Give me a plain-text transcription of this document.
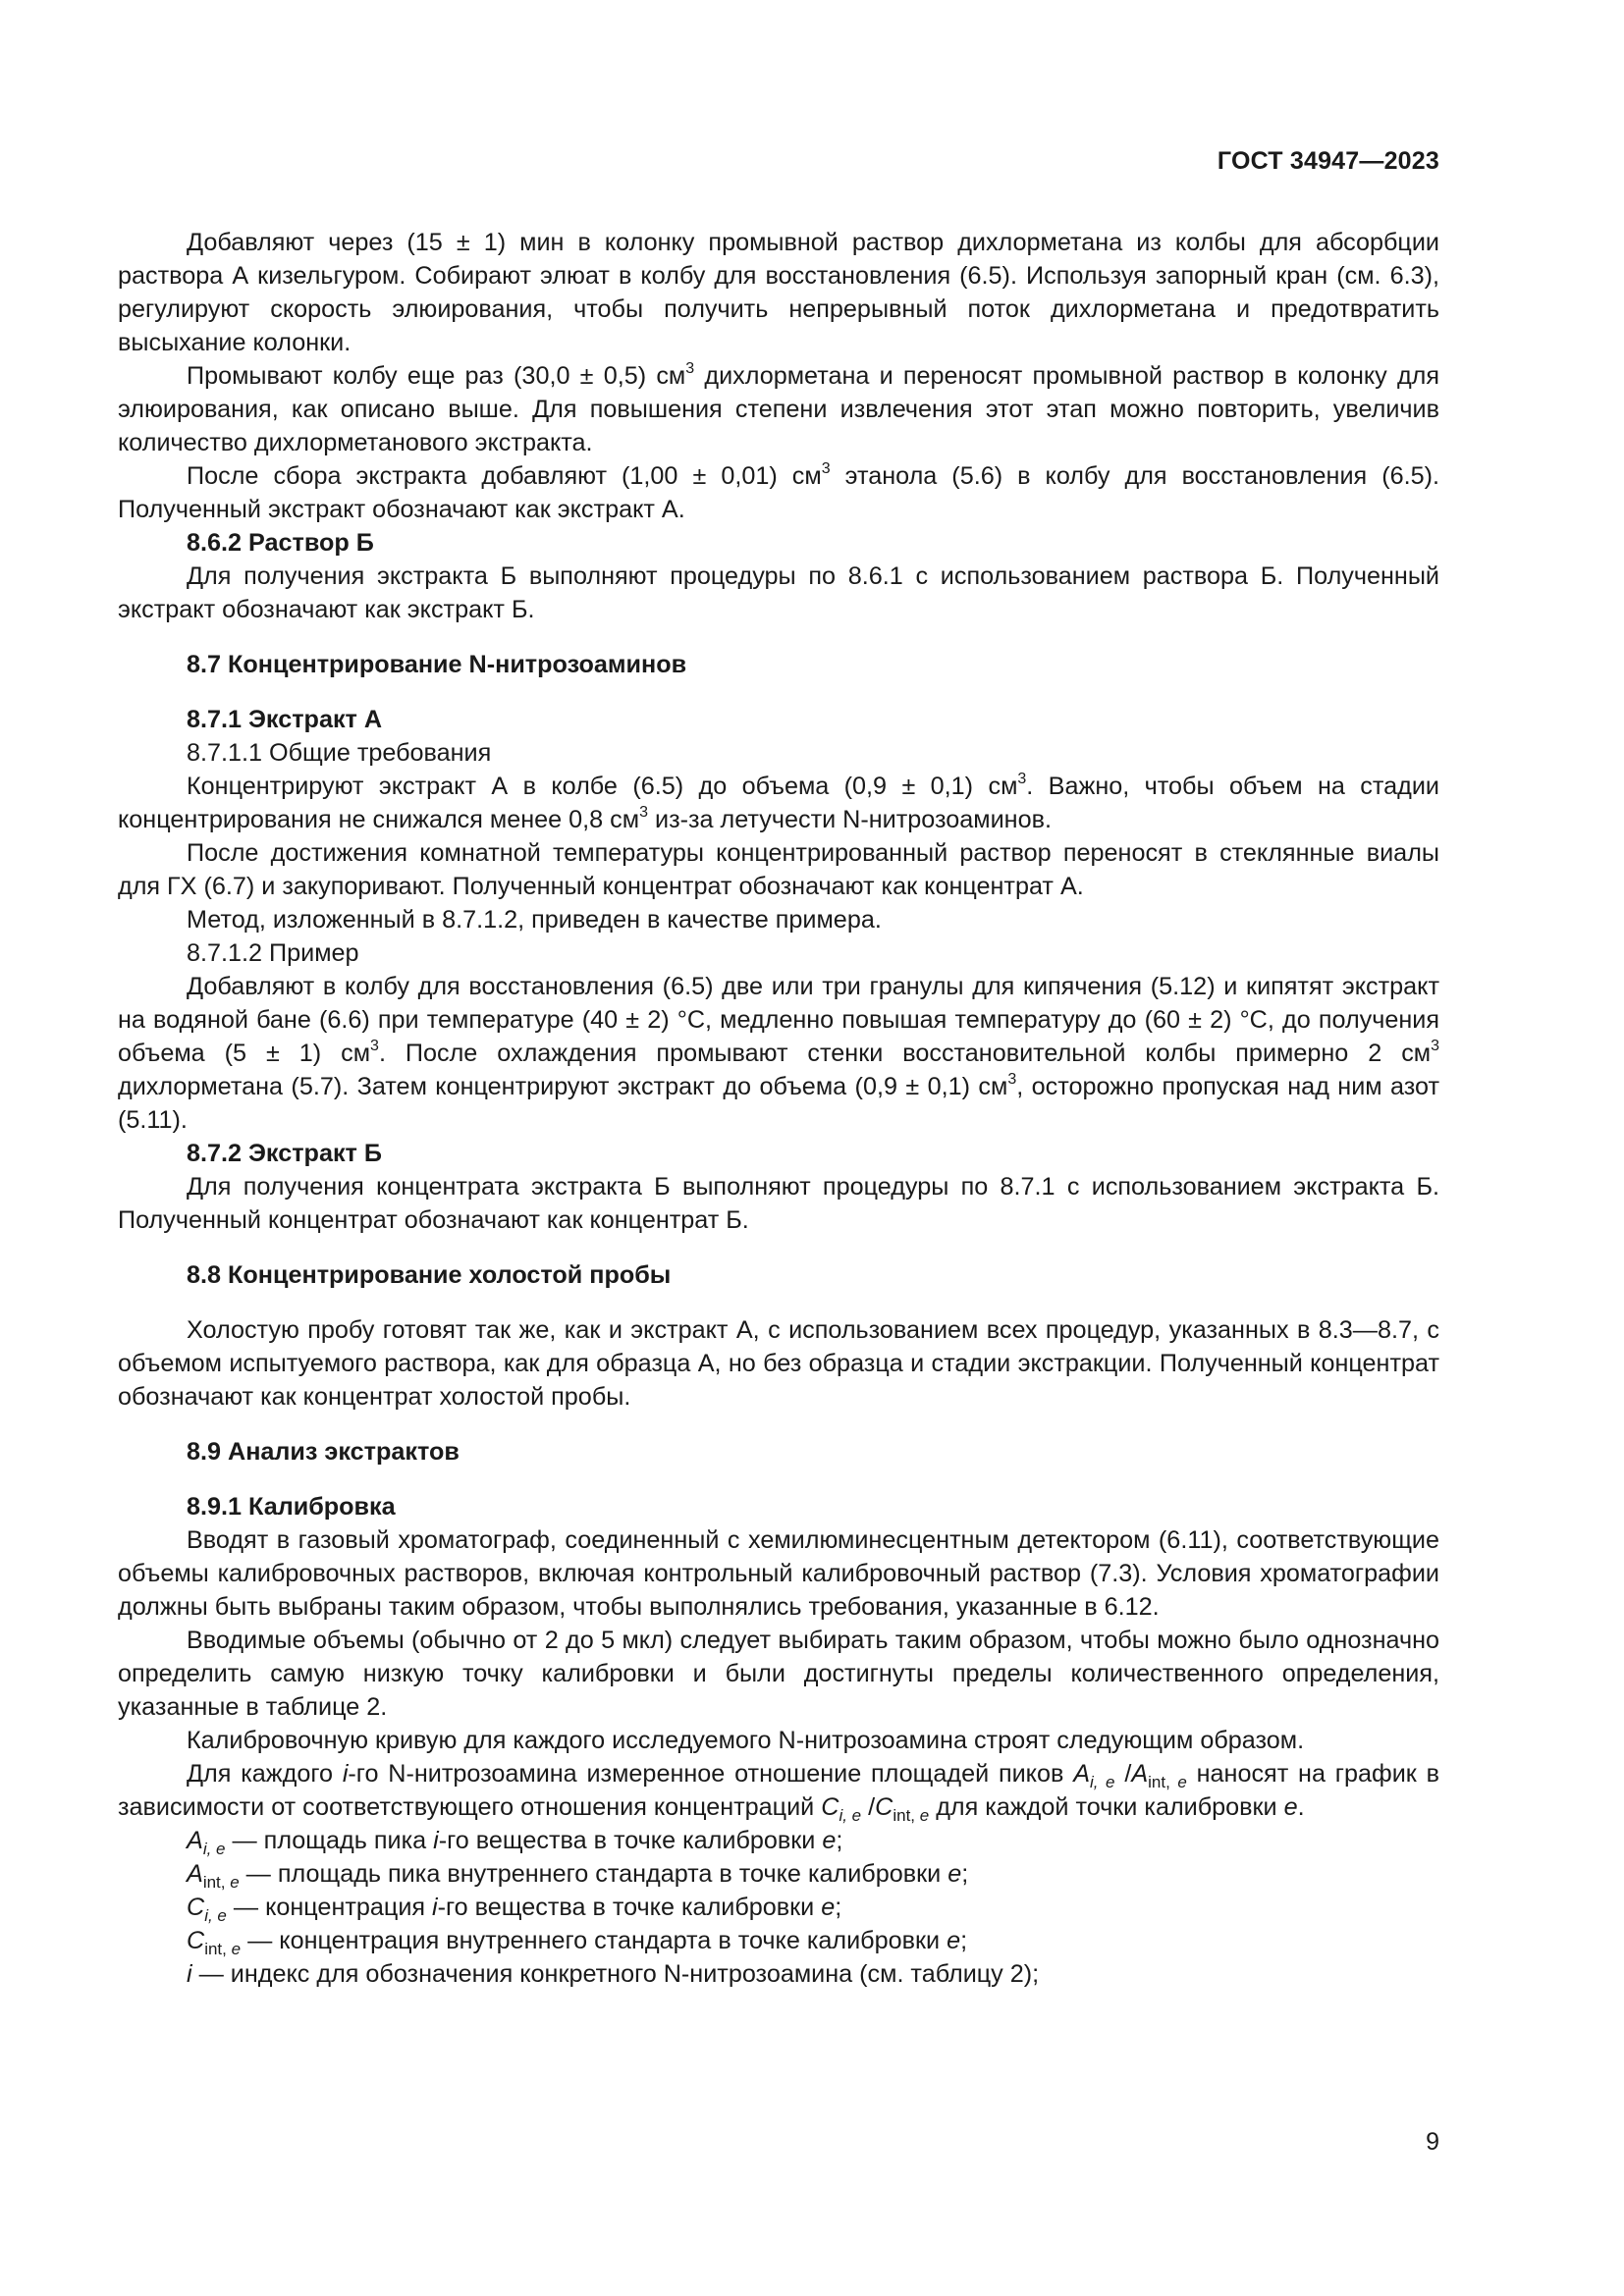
ГОСТ 34947—2023

Добавляют через (15 ± 1) мин в колонку промывной раствор дихлорметана из колбы для абсорбции раствора А кизельгуром. Собирают элюат в колбу для восстановления (6.5). Используя запорный кран (см. 6.3), регулируют скорость элюирования, чтобы получить непрерывный поток дихлорметана и предотвратить высыхание колонки.

Промывают колбу еще раз (30,0 ± 0,5) $см^3$ дихлорметана и переносят промывной раствор в колонку для элюирования, как описано выше. Для повышения степени извлечения этот этап можно повторить, увеличив количество дихлорметанового экстракта.

После сбора экстракта добавляют (1,00 ± 0,01) $см^3$ этанола (5.6) в колбу для восстановления (6.5). Полученный экстракт обозначают как экстракт А.

8.6.2 Раствор Б

Для получения экстракта Б выполняют процедуры по 8.6.1 с использованием раствора Б. Полученный экстракт обозначают как экстракт Б.

8.7 Концентрирование N-нитрозоаминов

8.7.1 Экстракт А

8.7.1.1 Общие требования

Концентрируют экстракт А в колбе (6.5) до объема (0,9 ± 0,1) $см^3$. Важно, чтобы объем на стадии концентрирования не снижался менее 0,8 $см^3$ из-за летучести N-нитрозоаминов.

После достижения комнатной температуры концентрированный раствор переносят в стеклянные виалы для ГХ (6.7) и закупоривают. Полученный концентрат обозначают как концентрат А.

Метод, изложенный в 8.7.1.2, приведен в качестве примера.

8.7.1.2 Пример

Добавляют в колбу для восстановления (6.5) две или три гранулы для кипячения (5.12) и кипятят экстракт на водяной бане (6.6) при температуре (40 ± 2) °С, медленно повышая температуру до (60 ± 2) °С, до получения объема (5 ± 1) $см^3$. После охлаждения промывают стенки восстановительной колбы примерно 2 $см^3$ дихлорметана (5.7). Затем концентрируют экстракт до объема (0,9 ± 0,1) $см^3$, осторожно пропуская над ним азот (5.11).

8.7.2 Экстракт Б

Для получения концентрата экстракта Б выполняют процедуры по 8.7.1 с использованием экстракта Б. Полученный концентрат обозначают как концентрат Б.

8.8 Концентрирование холостой пробы

Холостую пробу готовят так же, как и экстракт А, с использованием всех процедур, указанных в 8.3—8.7, с объемом испытуемого раствора, как для образца А, но без образца и стадии экстракции. Полученный концентрат обозначают как концентрат холостой пробы.

8.9 Анализ экстрактов

8.9.1 Калибровка

Вводят в газовый хроматограф, соединенный с хемилюминесцентным детектором (6.11), соответствующие объемы калибровочных растворов, включая контрольный калибровочный раствор (7.3). Условия хроматографии должны быть выбраны таким образом, чтобы выполнялись требования, указанные в 6.12.

Вводимые объемы (обычно от 2 до 5 мкл) следует выбирать таким образом, чтобы можно было однозначно определить самую низкую точку калибровки и были достигнуты пределы количественного определения, указанные в таблице 2.

Калибровочную кривую для каждого исследуемого N-нитрозоамина строят следующим образом.

Для каждого i-го N-нитрозоамина измеренное отношение площадей пиков $A_{i, e}$ $/A_{int, e}$ наносят на график в зависимости от соответствующего отношения концентраций $C_{i, e}$ $/C_{int, e}$ для каждой точки калибровки e.

$A_{i, e}$ — площадь пика i-го вещества в точке калибровки e;
$A_{int, e}$ — площадь пика внутреннего стандарта в точке калибровки e;
$C_{i, e}$ — концентрация i-го вещества в точке калибровки e;
$C_{int, e}$ — концентрация внутреннего стандарта в точке калибровки e;
i — индекс для обозначения конкретного N-нитрозоамина (см. таблицу 2);
9
